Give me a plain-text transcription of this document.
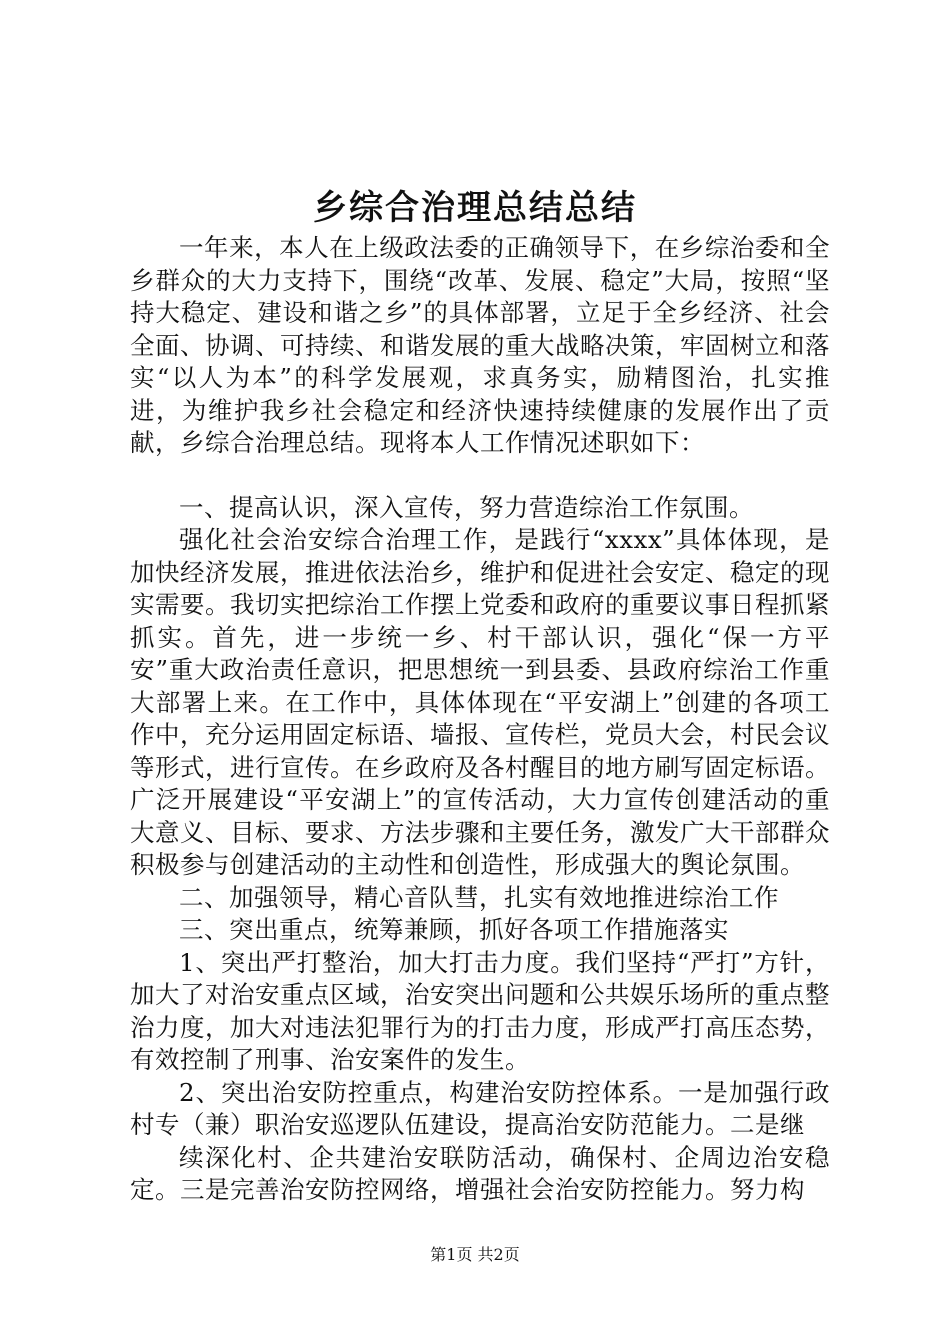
乡综合治理总结总结

一年来，本人在上级政法委的正确领导下，在乡综治委和全乡群众的大力支持下，围绕“改革、发展、稳定”大局，按照“坚持大稳定、建设和谐之乡”的具体部署，立足于全乡经济、社会全面、协调、可持续、和谐发展的重大战略决策，牢固树立和落实“以人为本”的科学发展观，求真务实，励精图治，扎实推进，为维护我乡社会稳定和经济快速持续健康的发展作出了贡献，乡综合治理总结。现将本人工作情况述职如下：

一、提高认识，深入宣传，努力营造综治工作氛围。

强化社会治安综合治理工作，是践行“xxxx”具体体现，是加快经济发展，推进依法治乡，维护和促进社会安定、稳定的现实需要。我切实把综治工作摆上党委和政府的重要议事日程抓紧抓实。首先，进一步统一乡、村干部认识，强化“保一方平安”重大政治责任意识，把思想统一到县委、县政府综治工作重大部署上来。在工作中，具体体现在“平安湖上”创建的各项工作中，充分运用固定标语、墙报、宣传栏，党员大会，村民会议等形式，进行宣传。在乡政府及各村醒目的地方刷写固定标语。广泛开展建设“平安湖上”的宣传活动，大力宣传创建活动的重大意义、目标、要求、方法步骤和主要任务，激发广大干部群众积极参与创建活动的主动性和创造性，形成强大的舆论氛围。

二、加强领导，精心音队彗，扎实有效地推进综治工作

三、突出重点，统筹兼顾，抓好各项工作措施落实

1、突出严打整治，加大打击力度。我们坚持“严打”方针，加大了对治安重点区域，治安突出问题和公共娱乐场所的重点整治力度，加大对违法犯罪行为的打击力度，形成严打高压态势，有效控制了刑事、治安案件的发生。

2、突出治安防控重点，构建治安防控体系。一是加强行政村专（兼）职治安巡逻队伍建设，提高治安防范能力。二是继

续深化村、企共建治安联防活动，确保村、企周边治安稳定。三是完善治安防控网络，增强社会治安防控能力。努力构

第1页 共2页
